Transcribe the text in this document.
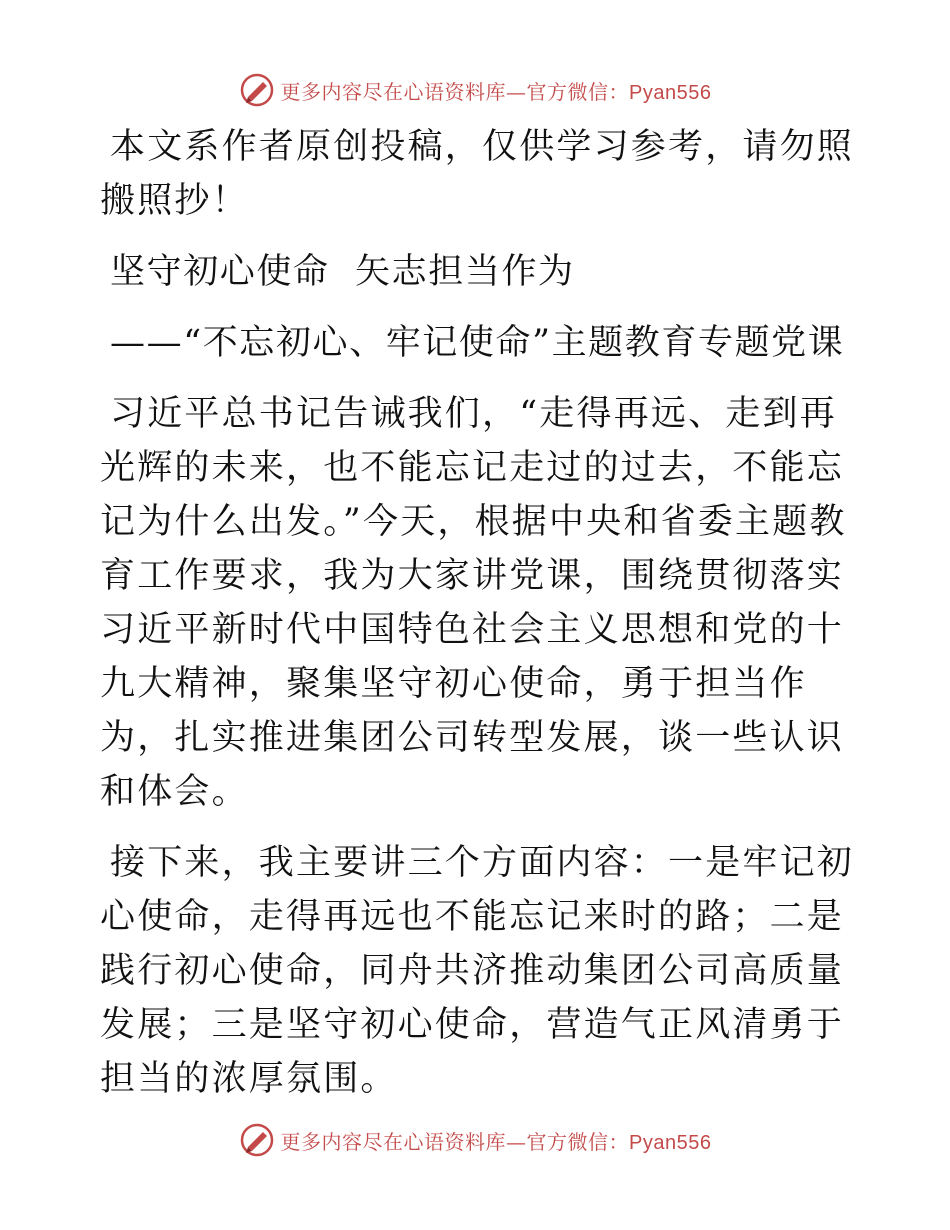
更多内容尽在心语资料库—官方微信：Pyan556

本文系作者原创投稿，仅供学习参考，请勿照搬照抄！

坚守初心使命  矢志担当作为

——“不忘初心、牢记使命”主题教育专题党课

习近平总书记告诫我们，“走得再远、走到再光辉的未来，也不能忘记走过的过去，不能忘记为什么出发。”今天，根据中央和省委主题教育工作要求，我为大家讲党课，围绕贯彻落实习近平新时代中国特色社会主义思想和党的十九大精神，聚集坚守初心使命，勇于担当作为，扎实推进集团公司转型发展，谈一些认识和体会。

接下来，我主要讲三个方面内容：一是牢记初心使命，走得再远也不能忘记来时的路；二是践行初心使命，同舟共济推动集团公司高质量发展；三是坚守初心使命，营造气正风清勇于担当的浓厚氛围。

更多内容尽在心语资料库—官方微信：Pyan556
